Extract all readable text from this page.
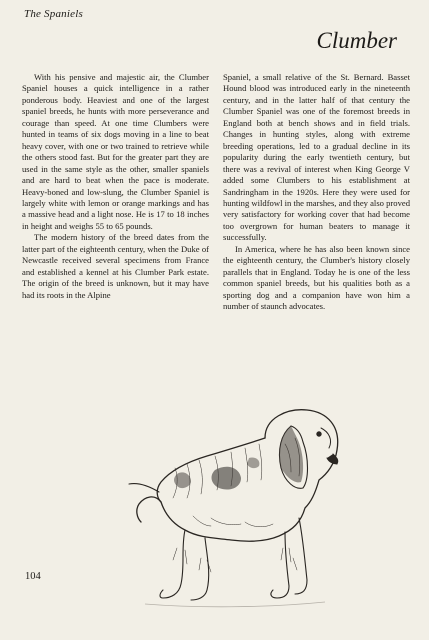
The Spaniels
Clumber

With his pensive and majestic air, the Clumber Spaniel houses a quick intelligence in a rather ponderous body. Heaviest and one of the largest spaniel breeds, he hunts with more perseverance and courage than speed. At one time Clumbers were hunted in teams of six dogs moving in a line to beat heavy cover, with one or two trained to retrieve while the others stood fast. But for the greater part they are used in the same style as the other, smaller spaniels and are hard to beat when the pace is moderate. Heavy-boned and low-slung, the Clumber Spaniel is largely white with lemon or orange markings and has a massive head and a light nose. He is 17 to 18 inches in height and weighs 55 to 65 pounds.

The modern history of the breed dates from the latter part of the eighteenth century, when the Duke of Newcastle received several specimens from France and established a kennel at his Clumber Park estate. The origin of the breed is unknown, but it may have had its roots in the Alpine

Spaniel, a small relative of the St. Bernard. Basset Hound blood was introduced early in the nineteenth century, and in the latter half of that century the Clumber Spaniel was one of the foremost breeds in England both at bench shows and in field trials. Changes in hunting styles, along with extreme breeding operations, led to a gradual decline in its popularity during the early twentieth century, but there was a revival of interest when King George V added some Clumbers to his establishment at Sandringham in the 1920s. Here they were used for hunting wildfowl in the marshes, and they also proved very satisfactory for working cover that had become too overgrown for human beaters to manage it successfully.

In America, where he has also been known since the eighteenth century, the Clumber's history closely parallels that in England. Today he is one of the less common spaniel breeds, but his qualities both as a sporting dog and a companion have won him a number of staunch advocates.

104
